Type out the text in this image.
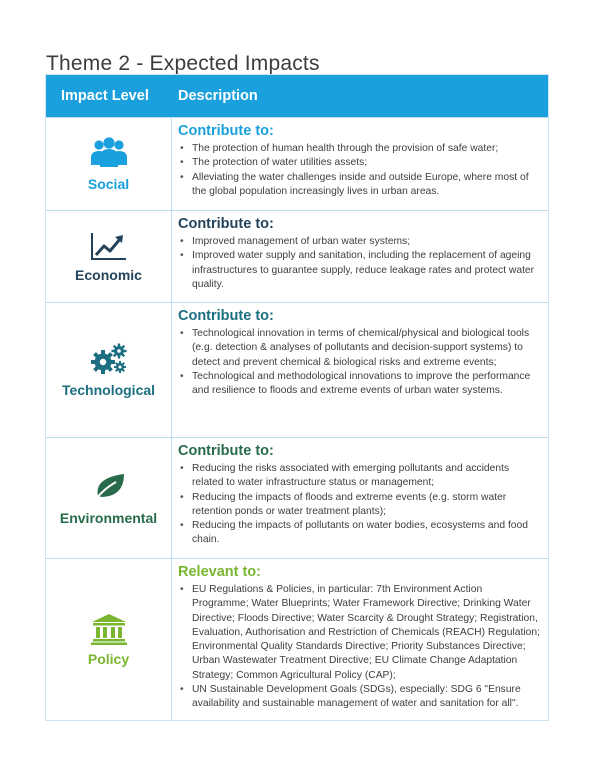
Theme 2 - Expected Impacts
Impact Level	Description
Social
Contribute to:
• The protection of human health through the provision of safe water;
• The protection of water utilities assets;
• Alleviating the water challenges inside and outside Europe, where most of the global population increasingly lives in urban areas.
Economic
Contribute to:
• Improved management of urban water systems;
• Improved water supply and sanitation, including the replacement of ageing infrastructures to guarantee supply, reduce leakage rates and protect water quality.
Technological
Contribute to:
• Technological innovation in terms of chemical/physical and biological tools (e.g. detection & analyses of pollutants and decision-support systems) to detect and prevent chemical & biological risks and extreme events;
• Technological and methodological innovations to improve the performance and resilience to floods and extreme events of urban water systems.
Environmental
Contribute to:
• Reducing the risks associated with emerging pollutants and accidents related to water infrastructure status or management;
• Reducing the impacts of floods and extreme events (e.g. storm water retention ponds or water treatment plants);
• Reducing the impacts of pollutants on water bodies, ecosystems and food chain.
Policy
Relevant to:
• EU Regulations & Policies, in particular: 7th Environment Action Programme; Water Blueprints; Water Framework Directive; Drinking Water Directive; Floods Directive; Water Scarcity & Drought Strategy; Registration, Evaluation, Authorisation and Restriction of Chemicals (REACH) Regulation; Environmental Quality Standards Directive; Priority Substances Directive; Urban Wastewater Treatment Directive; EU Climate Change Adaptation Strategy; Common Agricultural Policy (CAP);
• UN Sustainable Development Goals (SDGs), especially: SDG 6 "Ensure availability and sustainable management of water and sanitation for all".
